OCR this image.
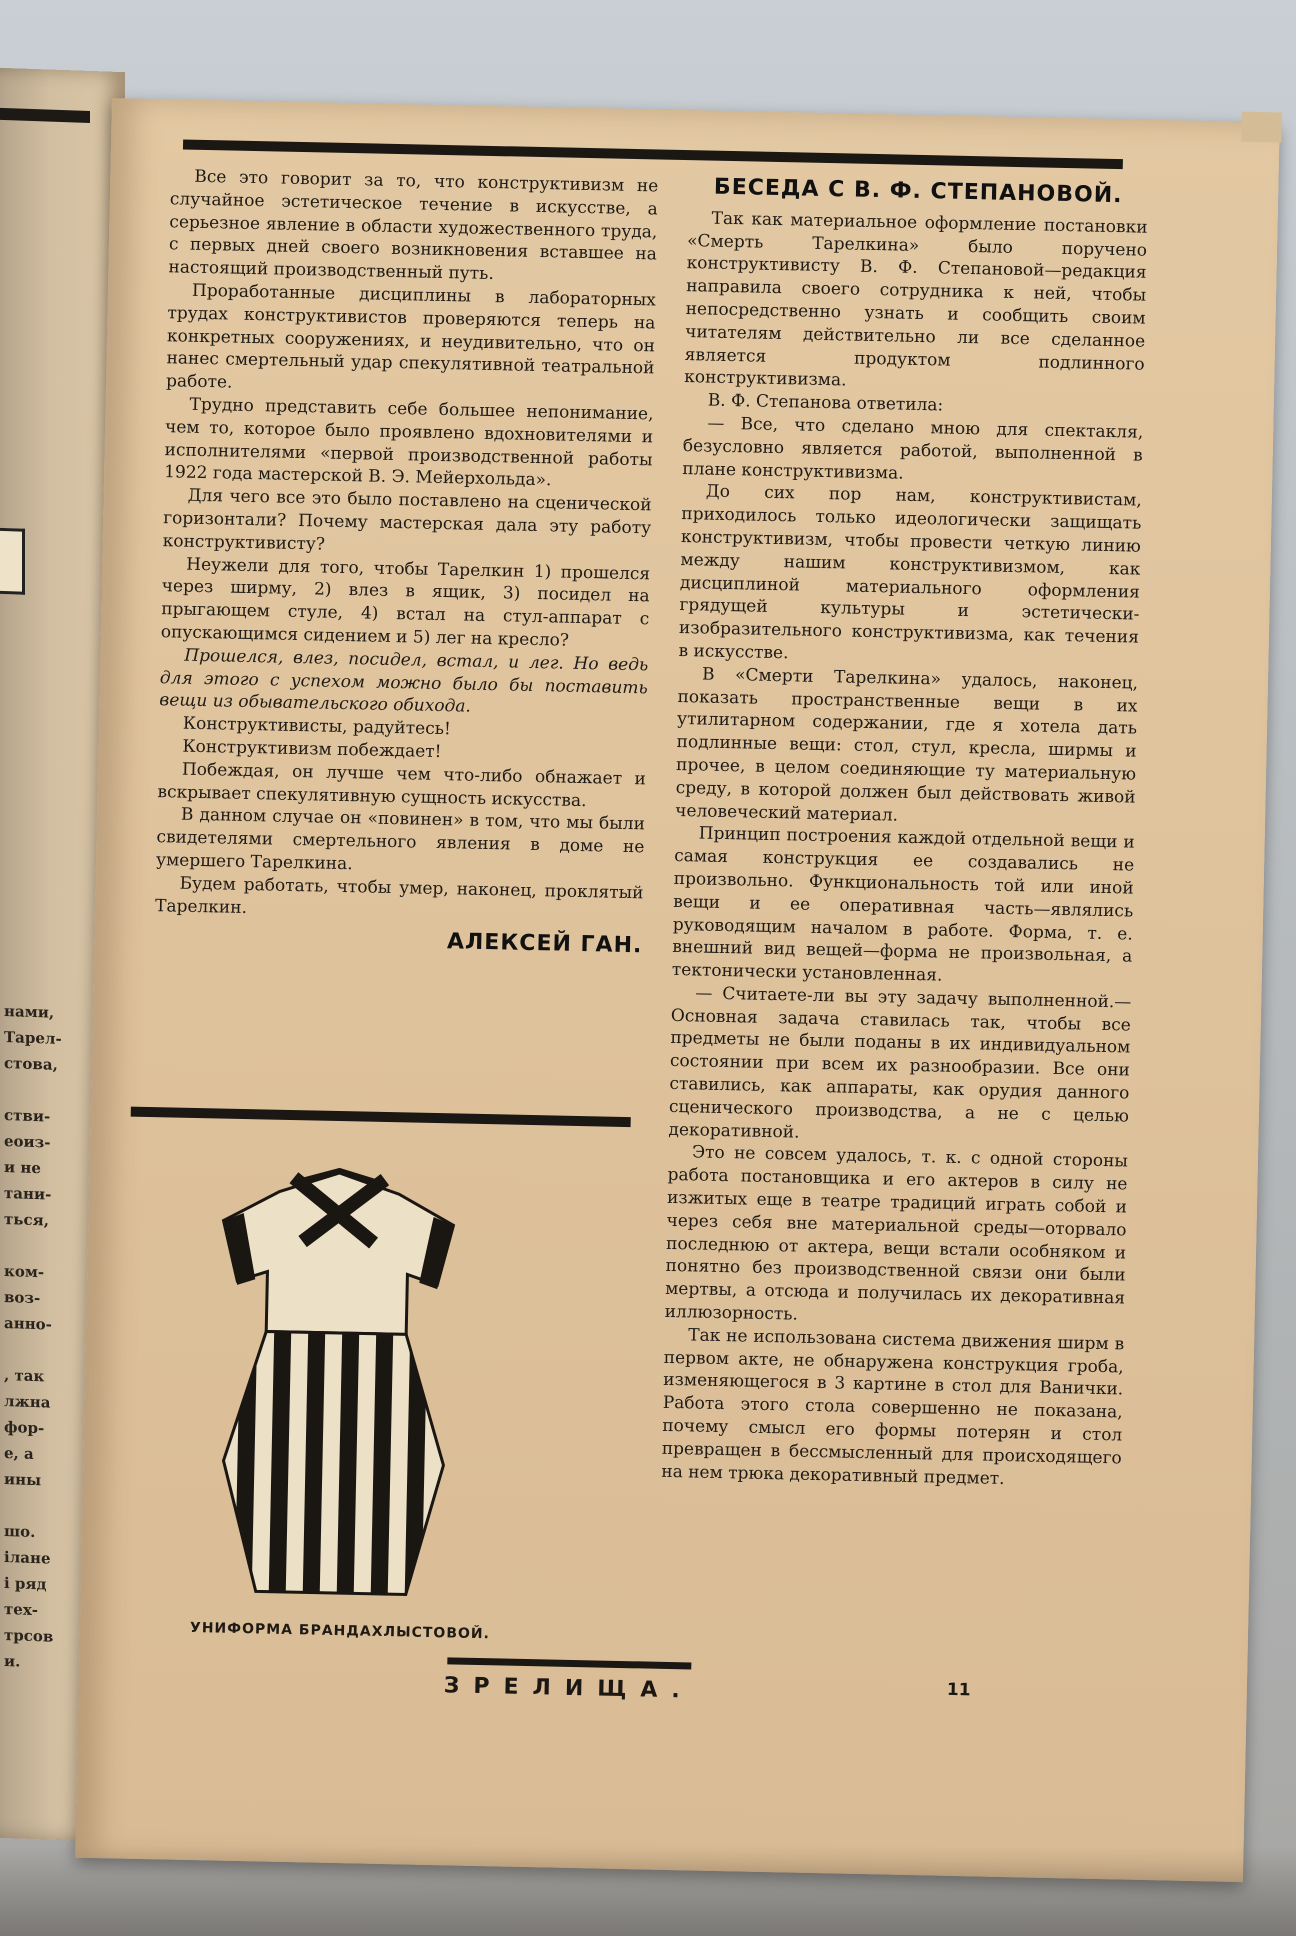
нами,
Тарел-
стова,

стви-
еоиз-
и не
тани-
ться,

ком-
воз-
анно-

, так
лжна
фор-
е, а
ины

шо.
ілане
і ряд
тех-
трсов
и.

Все это говорит за то, что конструктивизм не случайное эстетическое течение в искусстве, а серьезное явление в области художественного труда, с первых дней своего возникновения вставшее на настоящий производственный путь.

Проработанные дисциплины в лабораторных трудах конструктивистов проверяются теперь на конкретных сооружениях, и неудивительно, что он нанес смертельный удар спекулятивной театральной работе.

Трудно представить себе большее непонимание, чем то, которое было проявлено вдохновителями и исполнителями «первой производственной работы 1922 года мастерской В. Э. Мейерхольда».

Для чего все это было поставлено на сценической горизонтали? Почему мастерская дала эту работу конструктивисту?

Неужели для того, чтобы Тарелкин 1) прошелся через ширму, 2) влез в ящик, 3) посидел на прыгающем стуле, 4) встал на стул-аппарат с опускающимся сидением и 5) лег на кресло?

Прошелся, влез, посидел, встал, и лег. Но ведь для этого с успехом можно было бы поставить вещи из обывательского обихода.

Конструктивисты, радуйтесь!

Конструктивизм побеждает!

Побеждая, он лучше чем что-либо обнажает и вскрывает спекулятивную сущность искусства.

В данном случае он «повинен» в том, что мы были свидетелями смертельного явления в доме не умершего Тарелкина.

Будем работать, чтобы умер, наконец, проклятый Тарелкин.

АЛЕКСЕЙ ГАН.
БЕСЕДА С В. Ф. СТЕПАНОВОЙ.

Так как материальное оформление постановки «Смерть Тарелкина» было поручено конструктивисту В. Ф. Степановой—редакция направила своего сотрудника к ней, чтобы непосредственно узнать и сообщить своим читателям действительно ли все сделанное является продуктом подлинного конструктивизма.

В. Ф. Степанова ответила:

— Все, что сделано мною для спектакля, безусловно является работой, выполненной в плане конструктивизма.

До сих пор нам, конструктивистам, приходилось только идеологически защищать конструктивизм, чтобы провести четкую линию между нашим конструктивизмом, как дисциплиной материального оформления грядущей культуры и эстетически-изобразительного конструктивизма, как течения в искусстве.

В «Смерти Тарелкина» удалось, наконец, показать пространственные вещи в их утилитарном содержании, где я хотела дать подлинные вещи: стол, стул, кресла, ширмы и прочее, в целом соединяющие ту материальную среду, в которой должен был действовать живой человеческий материал.

Принцип построения каждой отдельной вещи и самая конструкция ее создавались не произвольно. Функциональность той или иной вещи и ее оперативная часть—являлись руководящим началом в работе. Форма, т. е. внешний вид вещей—форма не произвольная, а тектонически установленная.

— Считаете-ли вы эту задачу выполненной.—Основная задача ставилась так, чтобы все предметы не были поданы в их индивидуальном состоянии при всем их разнообразии. Все они ставились, как аппараты, как орудия данного сценического производства, а не с целью декоративной.

Это не совсем удалось, т. к. с одной стороны работа постановщика и его актеров в силу не изжитых еще в театре традиций играть собой и через себя вне материальной среды—оторвало последнюю от актера, вещи встали особняком и понятно без производственной связи они были мертвы, а отсюда и получилась их декоративная иллюзорность.

Так не использована система движения ширм в первом акте, не обнаружена конструкция гроба, изменяющегося в 3 картине в стол для Ванички. Работа этого стола совершенно не показана, почему смысл его формы потерян и стол превращен в бессмысленный для происходящего на нем трюка декоративный предмет.

УНИФОРМА БРАНДАХЛЫСТОВОЙ.
ЗРЕЛИЩА.	11
